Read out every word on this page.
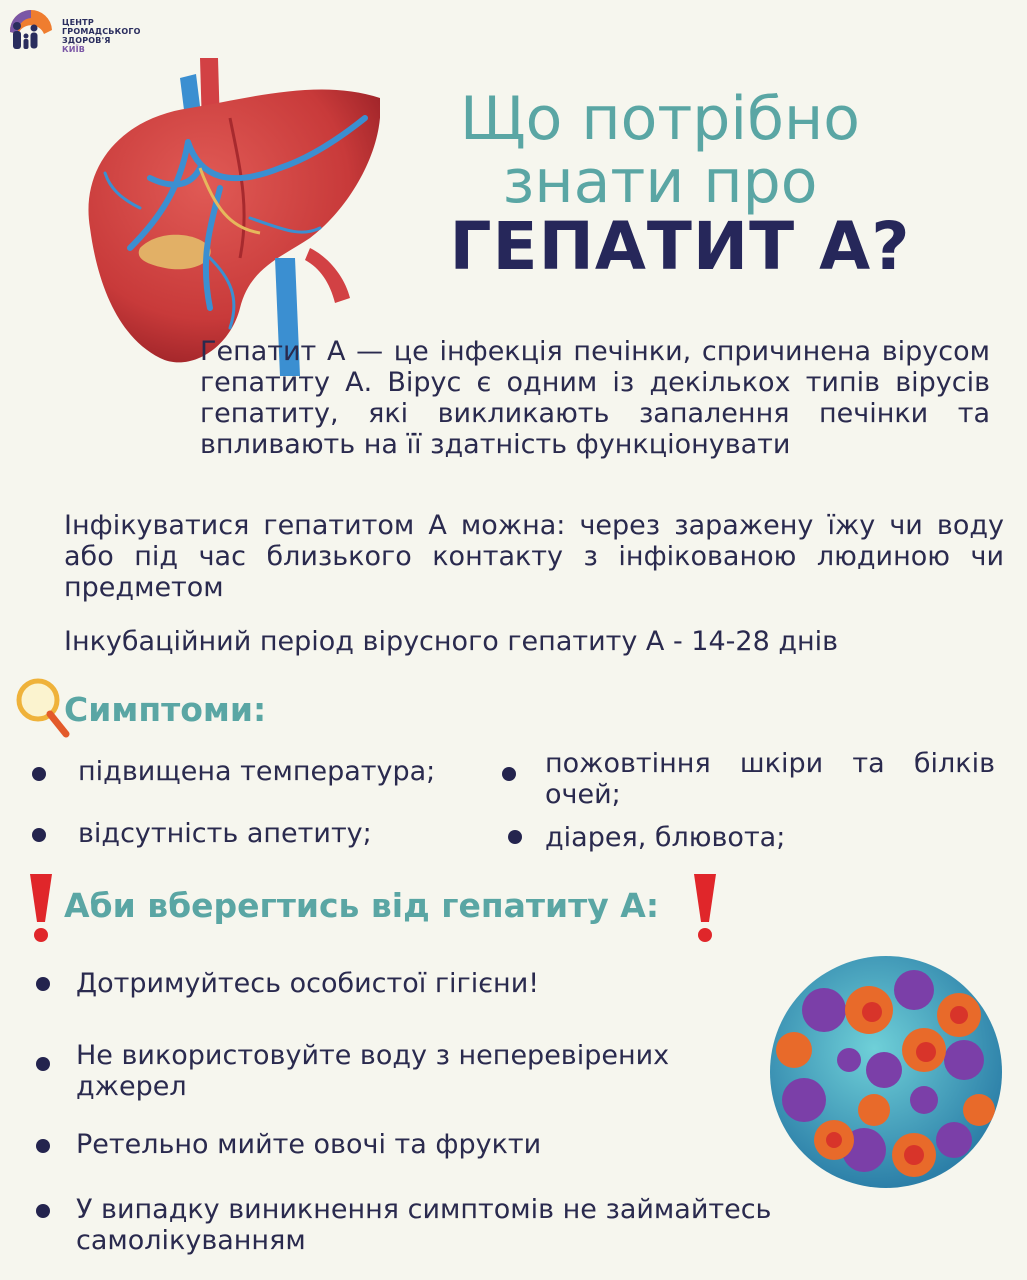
ЦЕНТР
ГРОМАДСЬКОГО
ЗДОРОВ'Я
КИЇВ
Що потрібно
знати про
ГЕПАТИТ А?
Гепатит А — це інфекція печінки, спричинена вірусом гепатиту А. Вірус є одним із декількох типів вірусів гепатиту, які викликають запалення печінки та впливають на її здатність функціонувати
Інфікуватися гепатитом А можна: через заражену їжу чи воду або під час близького контакту з інфікованою людиною чи предметом
Інкубаційний період вірусного гепатиту А - 14-28 днів
Симптоми:
підвищена температура;	пожовтіння шкіри та білків очей;
відсутність апетиту;	діарея, блювота;
Аби вберегтись від гепатиту А:
Дотримуйтесь особистої гігієни!
Не використовуйте воду з неперевірених джерел
Ретельно мийте овочі та фрукти
У випадку виникнення симптомів не займайтесь самолікуванням
